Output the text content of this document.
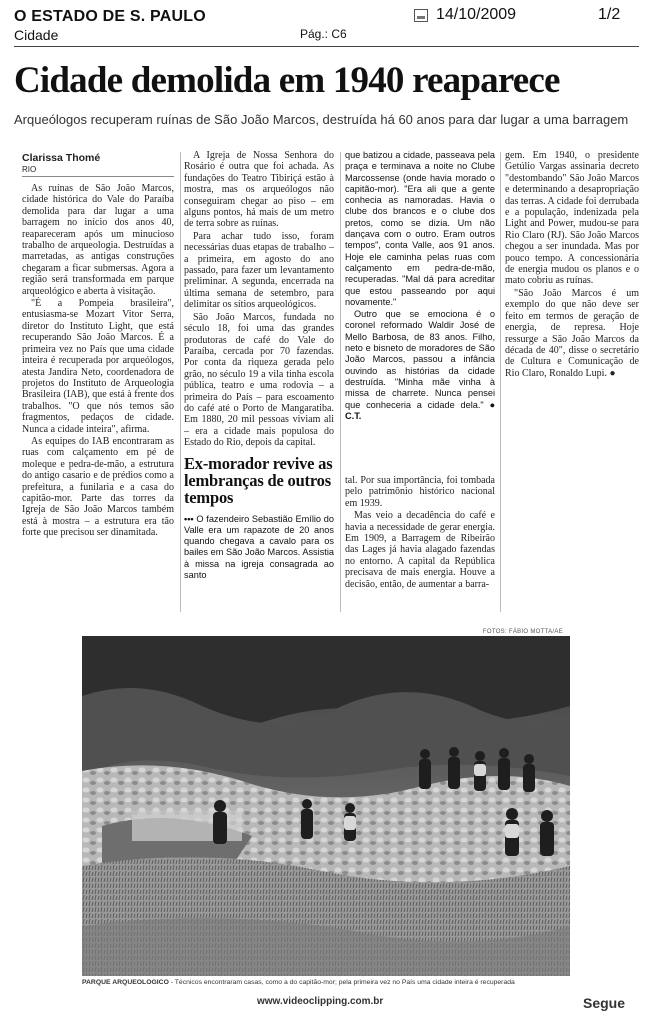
O ESTADO DE S. PAULO
Cidade	Pág.: C6
14/10/2009	1/2
Cidade demolida em 1940 reaparece
Arqueólogos recuperam ruínas de São João Marcos, destruída há 60 anos para dar lugar a uma barragem
Clarissa Thomé
RIO

As ruínas de São João Marcos, cidade histórica do Vale do Paraíba demolida para dar lugar a uma barragem no início dos anos 40, reapareceram após um minucioso trabalho de arqueologia. Destruídas a marretadas, as antigas construções chegaram a ficar submersas. Agora a região será transformada em parque arqueológico e aberta à visitação.

"É a Pompeia brasileira", entusiasma-se Mozart Vitor Serra, diretor do Instituto Light, que está recuperando São João Marcos. É a primeira vez no País que uma cidade inteira é recuperada por arqueólogos, atesta Jandira Neto, coordenadora de projetos do Instituto de Arqueologia Brasileira (IAB), que está à frente dos trabalhos. "O que nós temos são fragmentos, pedaços de cidade. Nunca a cidade inteira", afirma.

As equipes do IAB encontraram as ruas com calçamento em pé de moleque e pedra-de-mão, a estrutura do antigo casario e de prédios como a prefeitura, a funilaria e a casa do capitão-mor. Parte das torres da Igreja de São João Marcos também está à mostra – a estrutura era tão forte que precisou ser dinamitada.

A Igreja de Nossa Senhora do Rosário é outra que foi achada. As fundações do Teatro Tibiriçá estão à mostra, mas os arqueólogos não conseguiram chegar ao piso – em alguns pontos, há mais de um metro de terra sobre as ruínas.

Para achar tudo isso, foram necessárias duas etapas de trabalho – a primeira, em agosto do ano passado, para fazer um levantamento preliminar. A segunda, encerrada na última semana de setembro, para delimitar os sítios arqueológicos.

São João Marcos, fundada no século 18, foi uma das grandes produtoras de café do Vale do Paraíba, cercada por 70 fazendas. Por conta da riqueza gerada pelo grão, no século 19 a vila tinha escola pública, teatro e uma rodovia – a primeira do País – para escoamento do café até o Porto de Mangaratiba. Em 1880, 20 mil pessoas viviam ali – era a cidade mais populosa do Estado do Rio, depois da capital.

Ex-morador revive as lembranças de outros tempos

••• O fazendeiro Sebastião Emílio do Valle era um rapazote de 20 anos quando chegava a cavalo para os bailes em São João Marcos. Assistia à missa na igreja consagrada ao santo

que batizou a cidade, passeava pela praça e terminava a noite no Clube Marcossense (onde havia morado o capitão-mor). "Era ali que a gente conhecia as namoradas. Havia o clube dos brancos e o clube dos pretos, como se dizia. Um não dançava com o outro. Eram outros tempos", conta Valle, aos 91 anos. Hoje ele caminha pelas ruas com calçamento em pedra-de-mão, recuperadas. "Mal dá para acreditar que estou passeando por aqui novamente."

Outro que se emociona é o coronel reformado Waldir José de Mello Barbosa, de 83 anos. Filho, neto e bisneto de moradores de São João Marcos, passou a infância ouvindo as histórias da cidade destruída. "Minha mãe vinha à missa de charrete. Nunca pensei que conheceria a cidade dela." ● C.T.

tal. Por sua importância, foi tombada pelo patrimônio histórico nacional em 1939.

Mas veio a decadência do café e havia a necessidade de gerar energia. Em 1909, a Barragem de Ribeirão das Lages já havia alagado fazendas no entorno. A capital da República precisava de mais energia. Houve a decisão, então, de aumentar a barra-

gem. Em 1940, o presidente Getúlio Vargas assinaria decreto "destombando" São João Marcos e determinando a desapropriação das terras. A cidade foi derrubada e a população, indenizada pela Light and Power, mudou-se para Rio Claro (RJ). São João Marcos chegou a ser inundada. Mas por pouco tempo. A concessionária de energia mudou os planos e o mato cobriu as ruínas.

"São João Marcos é um exemplo do que não deve ser feito em termos de geração de energia, de represa. Hoje ressurge a São João Marcos da década de 40", disse o secretário de Cultura e Comunicação de Rio Claro, Ronaldo Lupi. ●

FOTOS: FÁBIO MOTTA/AE
PARQUE ARQUEOLÓGICO - Técnicos encontraram casas, como a do capitão-mor; pela primeira vez no País uma cidade inteira é recuperada
www.videoclipping.com.br	Segue
